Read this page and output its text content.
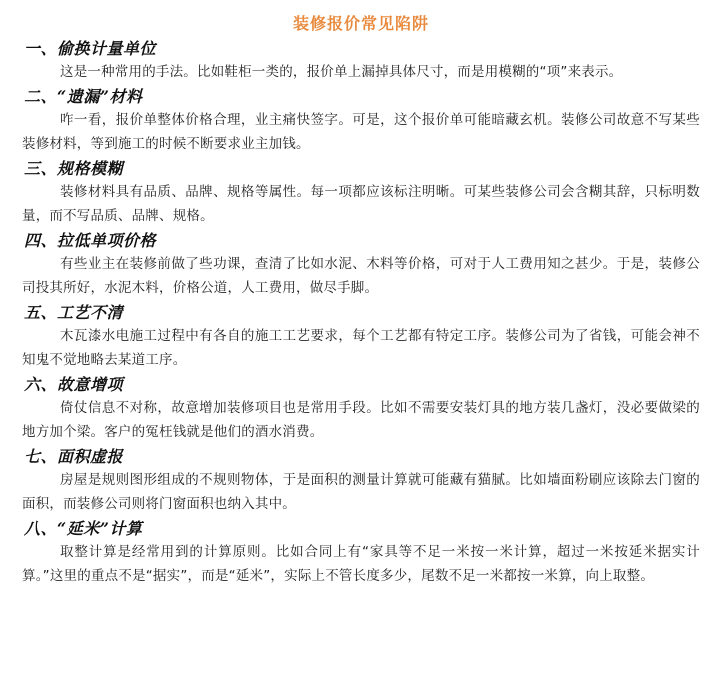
装修报价常见陷阱
一、偷换计量单位

这是一种常用的手法。比如鞋柜一类的，报价单上漏掉具体尺寸，而是用模糊的“项”来表示。

二、“遗漏”材料

咋一看，报价单整体价格合理，业主痛快签字。可是，这个报价单可能暗藏玄机。装修公司故意不写某些装修材料，等到施工的时候不断要求业主加钱。

三、规格模糊

装修材料具有品质、品牌、规格等属性。每一项都应该标注明晰。可某些装修公司会含糊其辞，只标明数量，而不写品质、品牌、规格。

四、拉低单项价格

有些业主在装修前做了些功课，查清了比如水泥、木料等价格，可对于人工费用知之甚少。于是，装修公司投其所好，水泥木料，价格公道，人工费用，做尽手脚。

五、工艺不清

木瓦漆水电施工过程中有各自的施工工艺要求，每个工艺都有特定工序。装修公司为了省钱，可能会神不知鬼不觉地略去某道工序。

六、故意增项

倚仗信息不对称，故意增加装修项目也是常用手段。比如不需要安装灯具的地方装几盏灯，没必要做梁的地方加个梁。客户的冤枉钱就是他们的酒水消费。

七、面积虚报

房屋是规则图形组成的不规则物体，于是面积的测量计算就可能藏有猫腻。比如墙面粉刷应该除去门窗的面积，而装修公司则将门窗面积也纳入其中。

八、“延米”计算

取整计算是经常用到的计算原则。比如合同上有“家具等不足一米按一米计算，超过一米按延米据实计算。”这里的重点不是“据实”，而是“延米”，实际上不管长度多少，尾数不足一米都按一米算，向上取整。
